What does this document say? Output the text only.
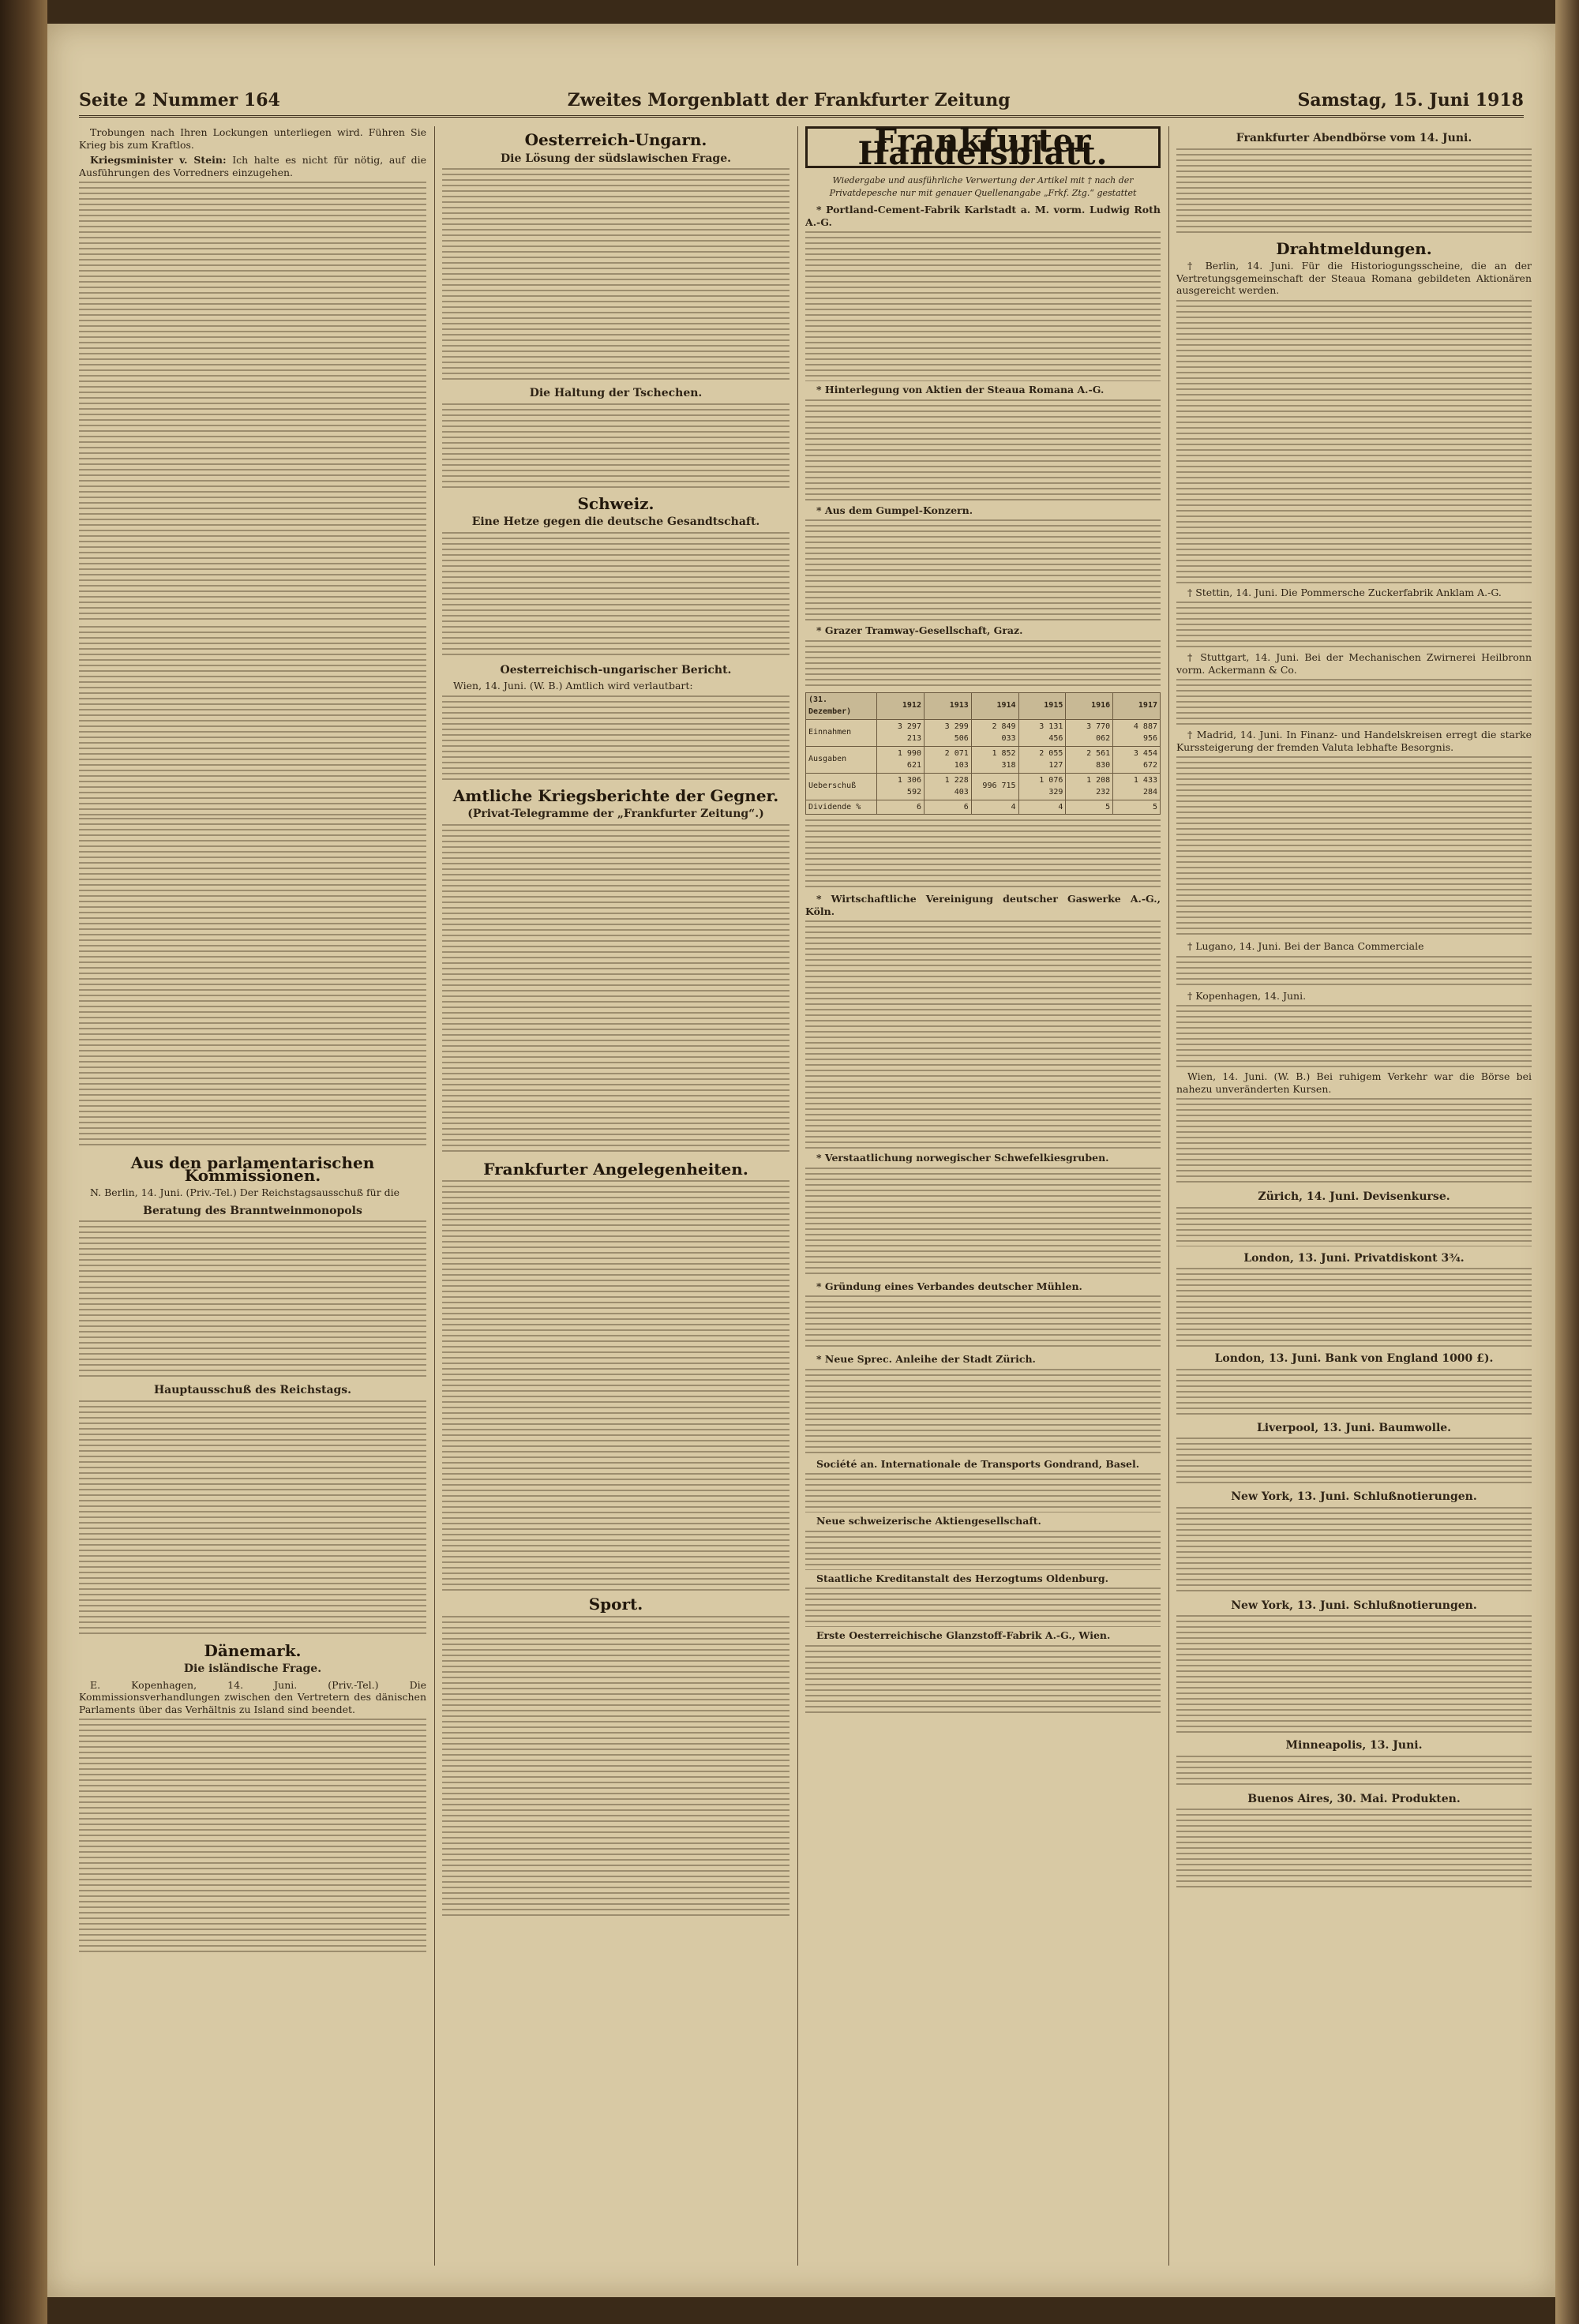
Seite 2 Nummer 164	Zweites Morgenblatt der Frankfurter Zeitung	Samstag, 15. Juni 1918

Trobungen nach Ihren Lockungen unterliegen wird. Führen Sie Krieg bis zum Kraftlos.

Kriegsminister v. Stein: Ich halte es nicht für nötig, auf die Ausführungen des Vorredners einzugehen.

Aus den parlamentarischen Kommissionen.

N. Berlin, 14. Juni. (Priv.-Tel.) Der Reichstagsausschuß für die

Beratung des Branntweinmonopols
Hauptausschuß des Reichstags.
Dänemark.
Die isländische Frage.

E. Kopenhagen, 14. Juni. (Priv.-Tel.) Die Kommissionsverhandlungen zwischen den Vertretern des dänischen Parlaments über das Verhältnis zu Island sind beendet.

Oesterreich-Ungarn.
Die Lösung der südslawischen Frage.
Die Haltung der Tschechen.
Schweiz.
Eine Hetze gegen die deutsche Gesandtschaft.
Oesterreichisch-ungarischer Bericht.

Wien, 14. Juni. (W. B.) Amtlich wird verlautbart:

Amtliche Kriegsberichte der Gegner.
(Privat-Telegramme der „Frankfurter Zeitung“.)
Frankfurter Angelegenheiten.
Sport.
Frankfurter Handelsblatt.
Wiedergabe und ausführliche Verwertung der Artikel mit † nach der Privatdepesche nur mit genauer Quellenangabe „Frkf. Ztg.“ gestattet

* Portland-Cement-Fabrik Karlstadt a. M. vorm. Ludwig Roth A.-G.

* Hinterlegung von Aktien der Steaua Romana A.-G.

* Aus dem Gumpel-Konzern.

* Grazer Tramway-Gesellschaft, Graz.

(31. Dezember)	1912	1913	1914	1915	1916	1917
Einnahmen	3 297 213	3 299 506	2 849 033	3 131 456	3 770 062	4 887 956
Ausgaben	1 990 621	2 071 103	1 852 318	2 055 127	2 561 830	3 454 672
Ueberschuß	1 306 592	1 228 403	996 715	1 076 329	1 208 232	1 433 284
Dividende %	6	6	4	4	5	5

* Wirtschaftliche Vereinigung deutscher Gaswerke A.-G., Köln.

* Verstaatlichung norwegischer Schwefelkiesgruben.

* Gründung eines Verbandes deutscher Mühlen.

* Neue Sprec. Anleihe der Stadt Zürich.

Société an. Internationale de Transports Gondrand, Basel.

Neue schweizerische Aktiengesellschaft.

Staatliche Kreditanstalt des Herzogtums Oldenburg.

Erste Oesterreichische Glanzstoff-Fabrik A.-G., Wien.

Frankfurter Abendbörse vom 14. Juni.
Drahtmeldungen.

† Berlin, 14. Juni. Für die Historiogungsscheine, die an der Vertretungsgemeinschaft der Steaua Romana gebildeten Aktionären ausgereicht werden.

† Stettin, 14. Juni. Die Pommersche Zuckerfabrik Anklam A.-G.

† Stuttgart, 14. Juni. Bei der Mechanischen Zwirnerei Heilbronn vorm. Ackermann & Co.

† Madrid, 14. Juni. In Finanz- und Handelskreisen erregt die starke Kurssteigerung der fremden Valuta lebhafte Besorgnis.

† Lugano, 14. Juni. Bei der Banca Commerciale

† Kopenhagen, 14. Juni.

Wien, 14. Juni. (W. B.) Bei ruhigem Verkehr war die Börse bei nahezu unveränderten Kursen.

Zürich, 14. Juni. Devisenkurse.
London, 13. Juni. Privatdiskont 3¾.
London, 13. Juni. Bank von England 1000 £).
Liverpool, 13. Juni. Baumwolle.
New York, 13. Juni. Schlußnotierungen.
New York, 13. Juni. Schlußnotierungen.
Minneapolis, 13. Juni.
Buenos Aires, 30. Mai. Produkten.
